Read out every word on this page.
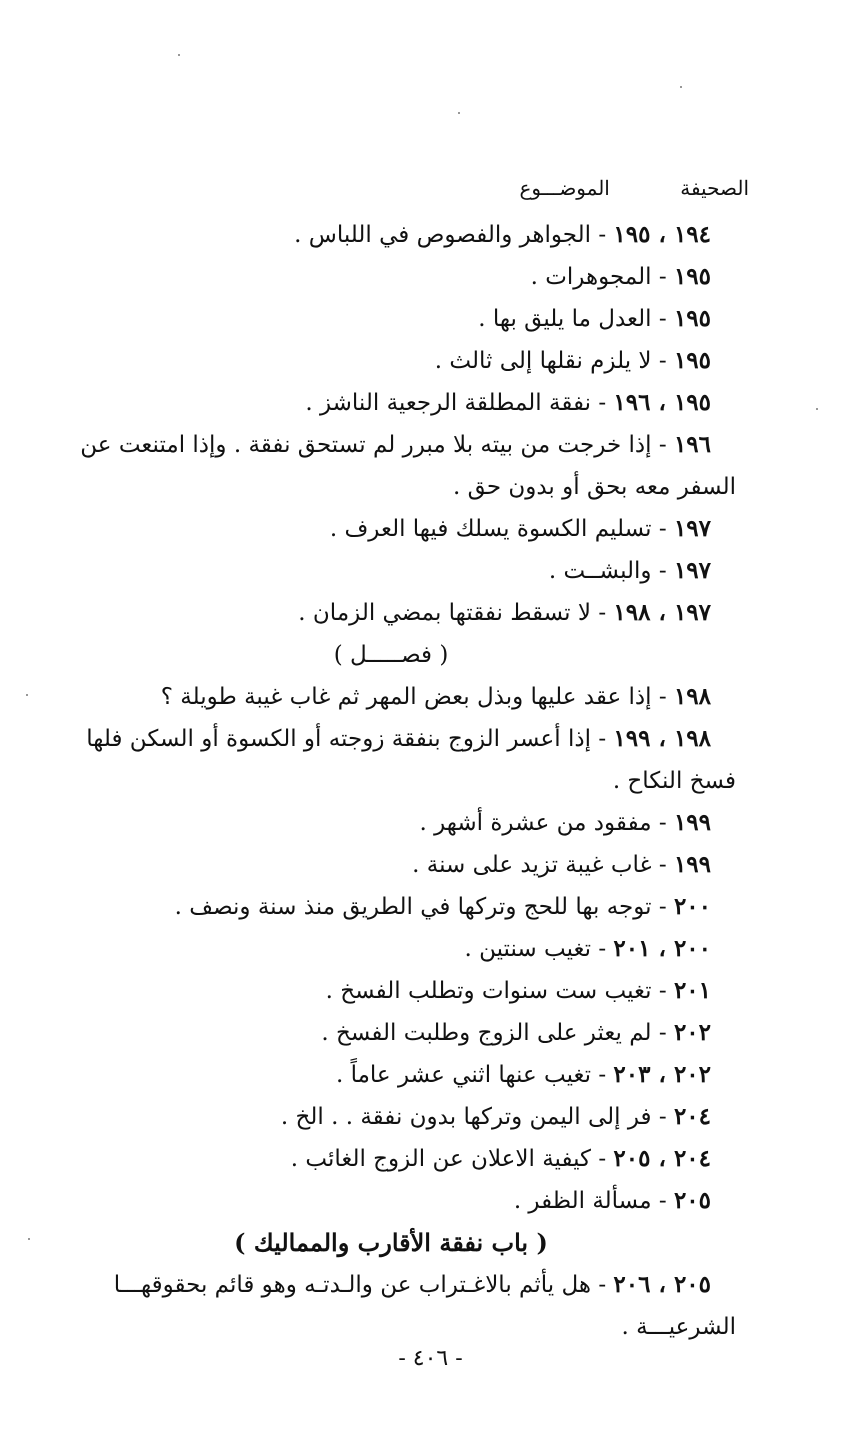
الصحيفة الموضـــوع
١٩٤ ، ١٩٥ - الجواهر والفصوص في اللباس .
١٩٥ - المجوهرات .
١٩٥ - العدل ما يليق بها .
١٩٥ - لا يلزم نقلها إلى ثالث .
١٩٥ ، ١٩٦ - نفقة المطلقة الرجعية الناشز .
١٩٦ - إذا خرجت من بيته بلا مبرر لم تستحق نفقة . وإذا امتنعت عن
السفر معه بحق أو بدون حق .
١٩٧ - تسليم الكسوة يسلك فيها العرف .
١٩٧ - والبشــت .
١٩٧ ، ١٩٨ - لا تسقط نفقتها بمضي الزمان .
( فصـــــل )
١٩٨ - إذا عقد عليها وبذل بعض المهر ثم غاب غيبة طويلة ؟
١٩٨ ، ١٩٩ - إذا أعسر الزوج بنفقة زوجته أو الكسوة أو السكن فلها
فسخ النكاح .
١٩٩ - مفقود من عشرة أشهر .
١٩٩ - غاب غيبة تزيد على سنة .
٢٠٠ - توجه بها للحج وتركها في الطريق منذ سنة ونصف .
٢٠٠ ، ٢٠١ - تغيب سنتين .
٢٠١ - تغيب ست سنوات وتطلب الفسخ .
٢٠٢ - لم يعثر على الزوج وطلبت الفسخ .
٢٠٢ ، ٢٠٣ - تغيب عنها اثني عشر عاماً .
٢٠٤ - فر إلى اليمن وتركها بدون نفقة . . الخ .
٢٠٤ ، ٢٠٥ - كيفية الاعلان عن الزوج الغائب .
٢٠٥ - مسألة الظفر .
( باب نفقة الأقارب والمماليك )
٢٠٥ ، ٢٠٦ - هل يأثم بالاغـتراب عن والـدتـه وهو قائم بحقوقهـــا
الشرعيـــة .
- ٤٠٦ -
